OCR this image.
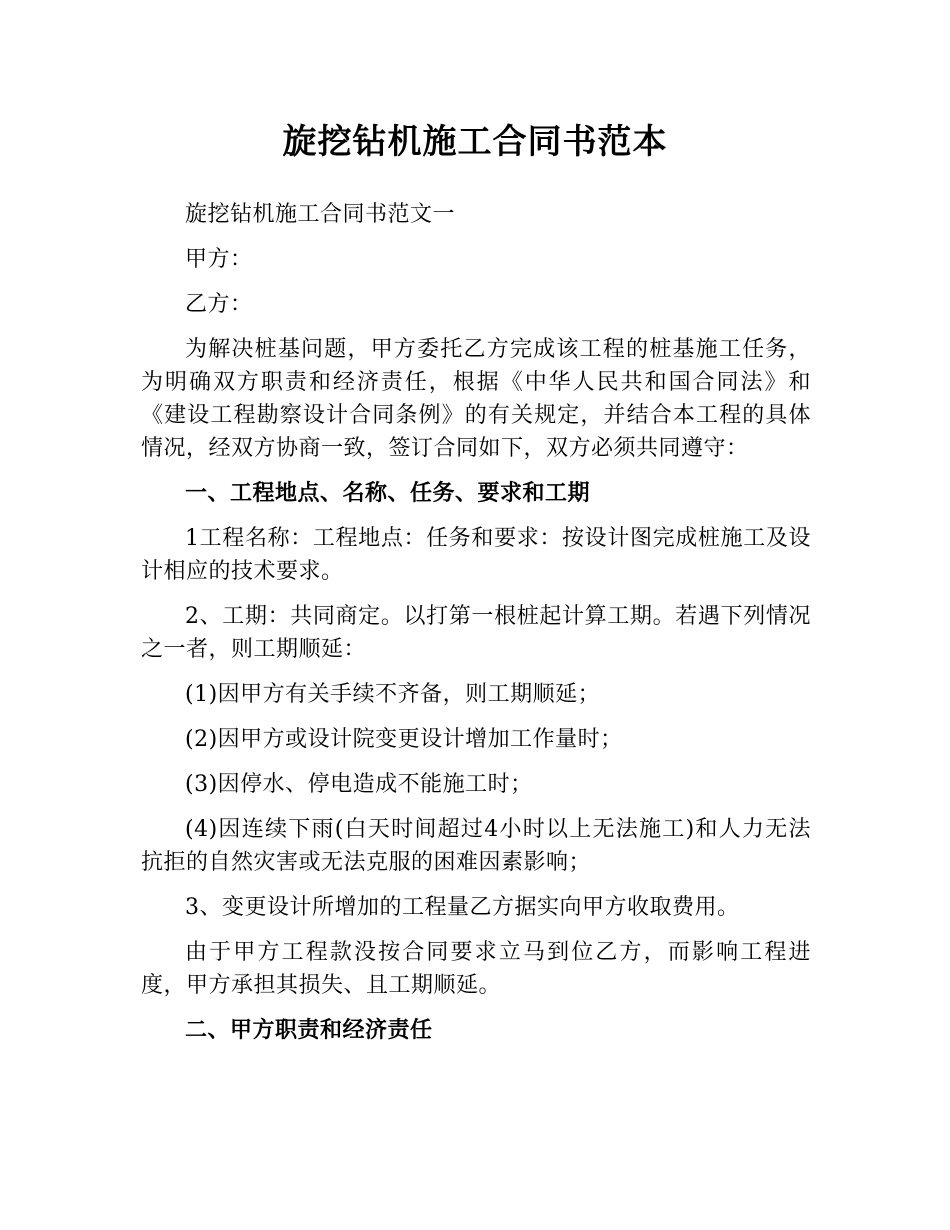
旋挖钻机施工合同书范本

旋挖钻机施工合同书范文一

甲方：

乙方：

为解决桩基问题，甲方委托乙方完成该工程的桩基施工任务，为明确双方职责和经济责任，根据《中华人民共和国合同法》和《建设工程勘察设计合同条例》的有关规定，并结合本工程的具体情况，经双方协商一致，签订合同如下，双方必须共同遵守：

一、工程地点、名称、任务、要求和工期

1工程名称：工程地点：任务和要求：按设计图完成桩施工及设计相应的技术要求。

2、工期：共同商定。以打第一根桩起计算工期。若遇下列情况之一者，则工期顺延：

(1)因甲方有关手续不齐备，则工期顺延；

(2)因甲方或设计院变更设计增加工作量时；

(3)因停水、停电造成不能施工时；

(4)因连续下雨(白天时间超过4小时以上无法施工)和人力无法抗拒的自然灾害或无法克服的困难因素影响；

3、变更设计所增加的工程量乙方据实向甲方收取费用。

由于甲方工程款没按合同要求立马到位乙方，而影响工程进度，甲方承担其损失、且工期顺延。

二、甲方职责和经济责任
